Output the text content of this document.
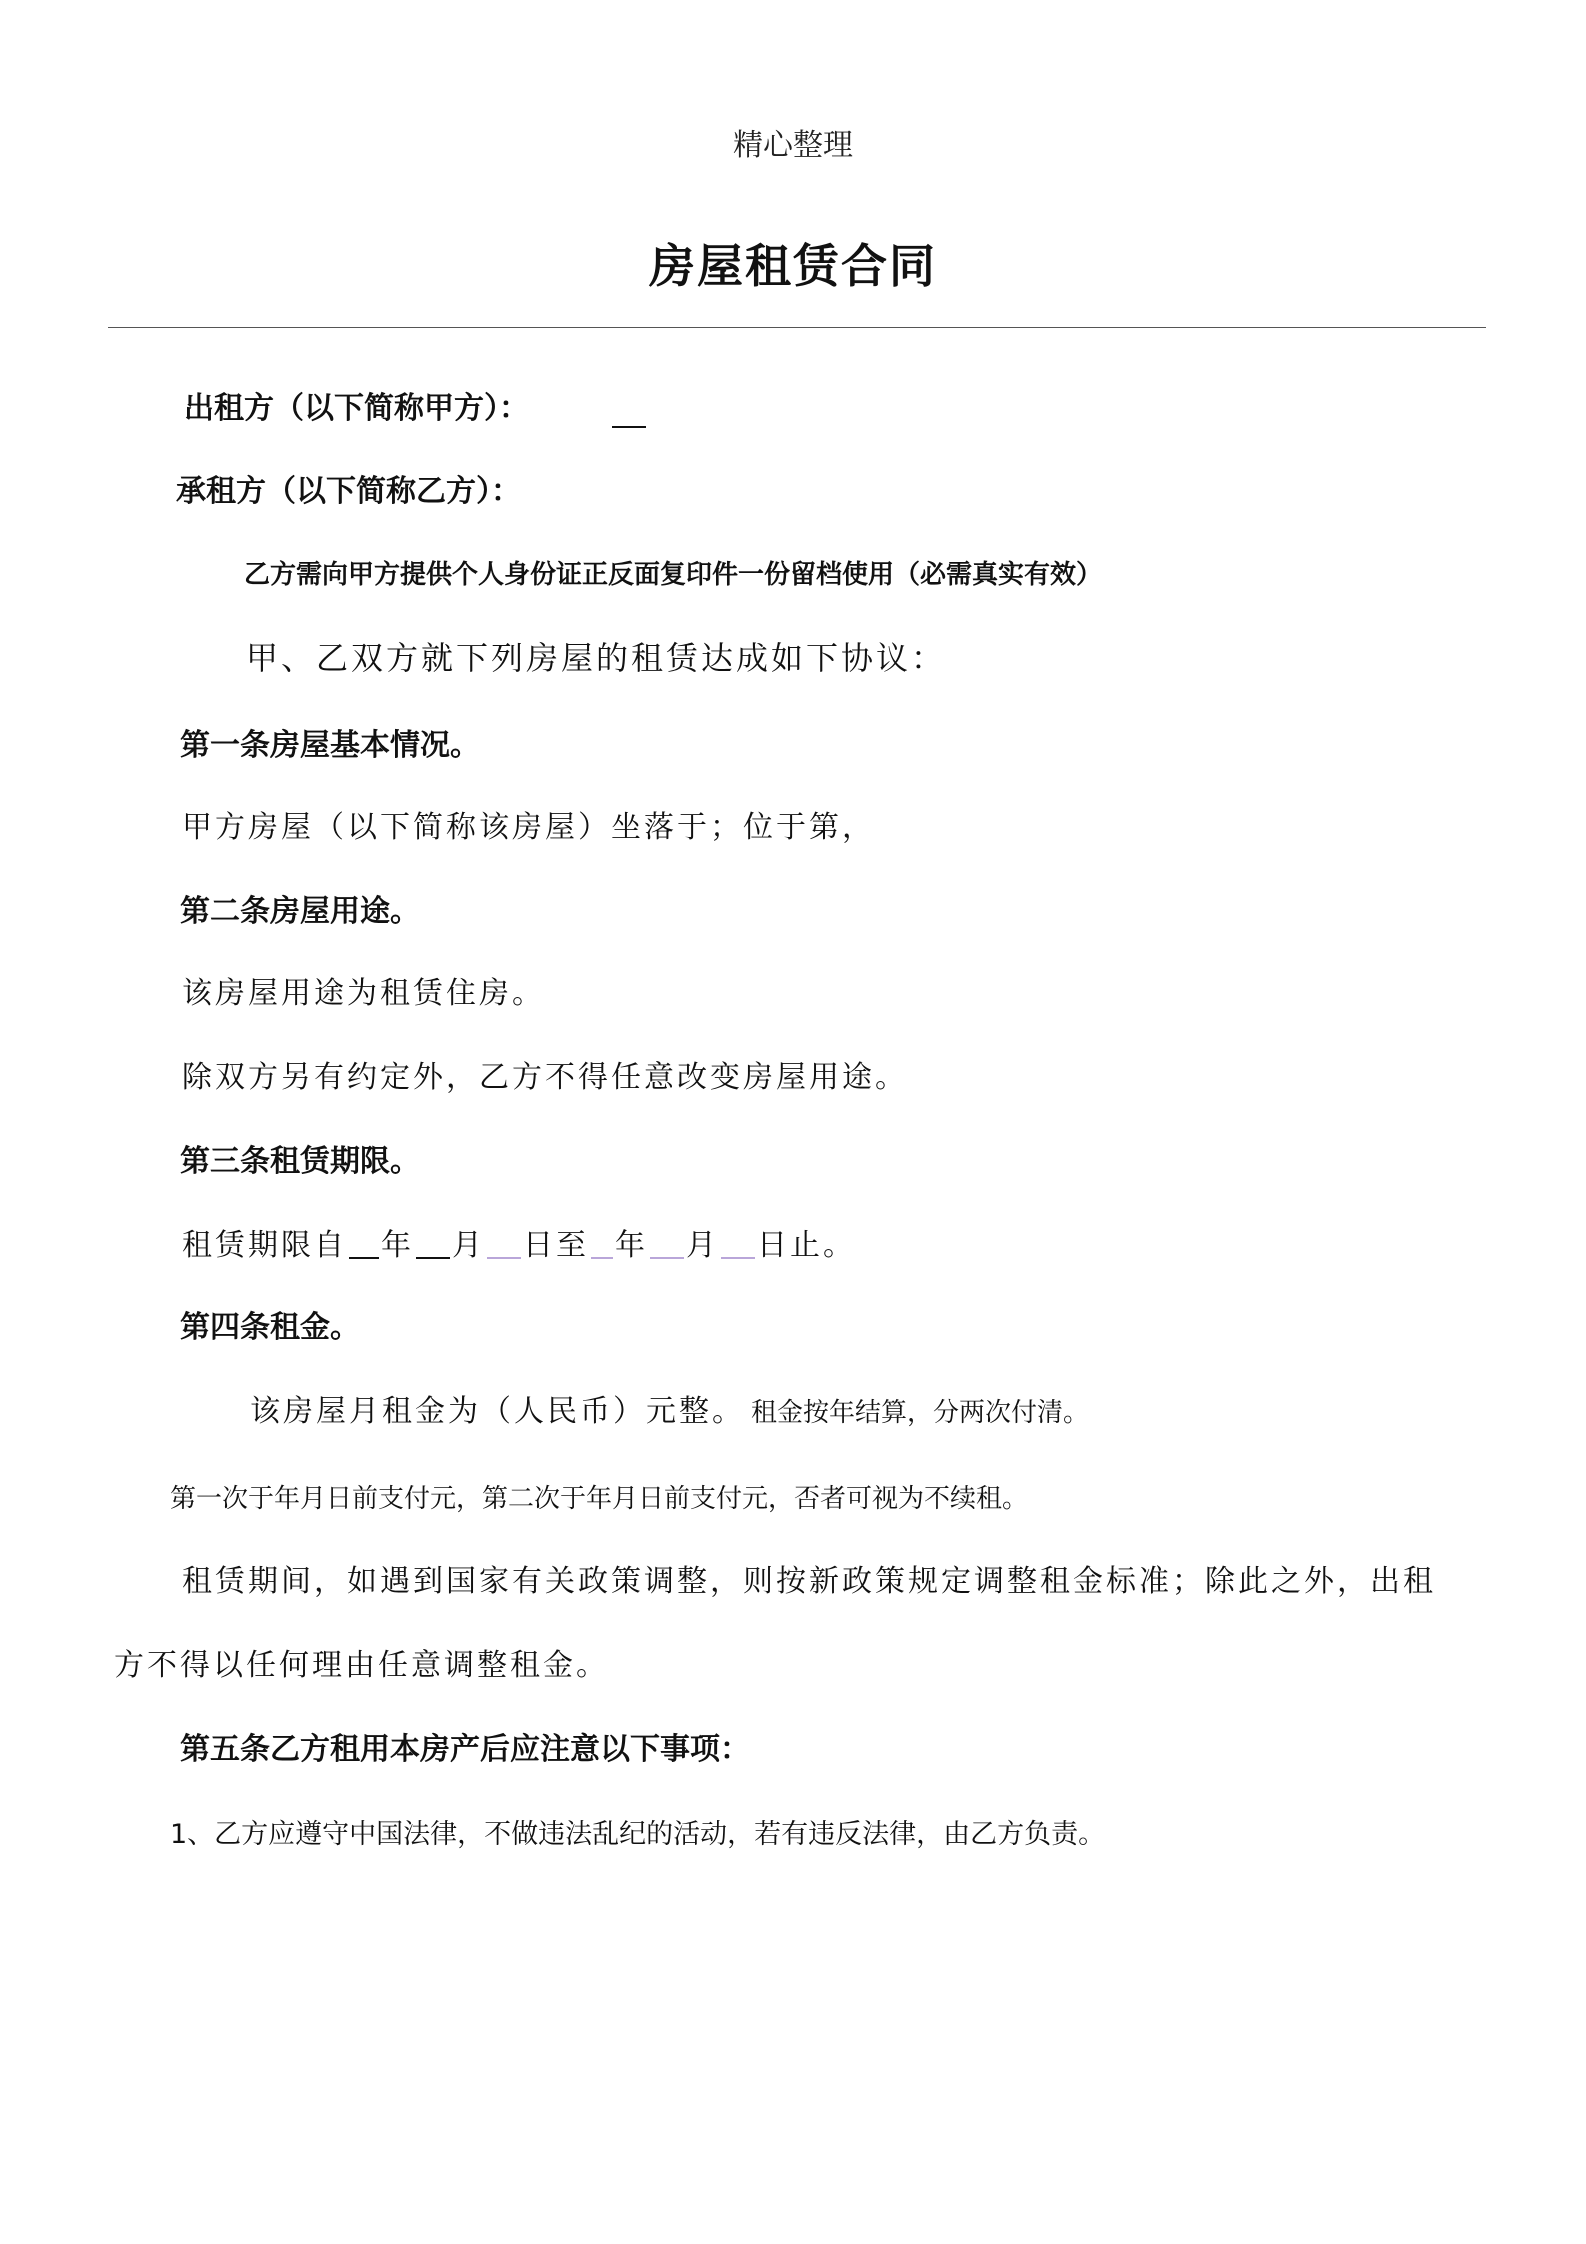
精心整理
房屋租赁合同
出租方（以下简称甲方）：
承租方（以下简称乙方）：
乙方需向甲方提供个人身份证正反面复印件一份留档使用（必需真实有效）
甲、乙双方就下列房屋的租赁达成如下协议：
第一条房屋基本情况。
甲方房屋（以下简称该房屋）坐落于；位于第，
第二条房屋用途。
该房屋用途为租赁住房。
除双方另有约定外，乙方不得任意改变房屋用途。
第三条租赁期限。
租赁期限自 年 月 日至 年 月 日止。
第四条租金。
该房屋月租金为（人民币）元整。 租金按年结算，分两次付清。
第一次于年月日前支付元，第二次于年月日前支付元，否者可视为不续租。
租赁期间，如遇到国家有关政策调整，则按新政策规定调整租金标准；除此之外，出租
方不得以任何理由任意调整租金。
第五条乙方租用本房产后应注意以下事项：
1、乙方应遵守中国法律，不做违法乱纪的活动，若有违反法律，由乙方负责。
